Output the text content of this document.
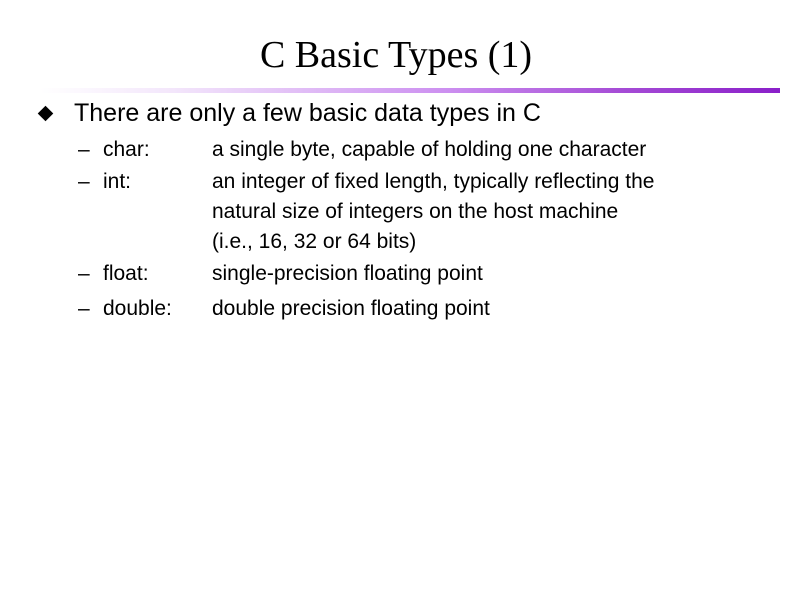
C Basic Types (1)
There are only a few basic data types in C
– char:	a single byte, capable of holding one character
– int:	an integer of fixed length, typically reflecting the
natural size of integers on the host machine
(i.e., 16, 32 or 64 bits)
– float:	single-precision floating point
– double: double precision floating point
